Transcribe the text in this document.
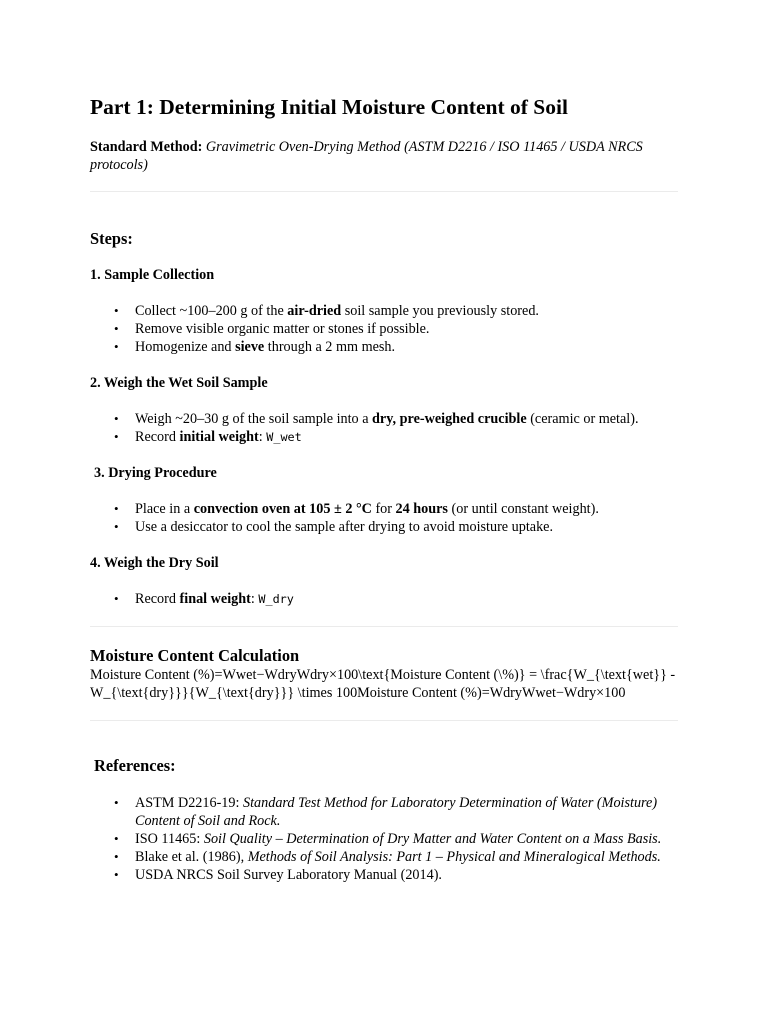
Part 1: Determining Initial Moisture Content of Soil

Standard Method: Gravimetric Oven-Drying Method (ASTM D2216 / ISO 11465 / USDA NRCS protocols)

Steps:
1. Sample Collection
• Collect ~100–200 g of the air-dried soil sample you previously stored.
• Remove visible organic matter or stones if possible.
• Homogenize and sieve through a 2 mm mesh.
2. Weigh the Wet Soil Sample
• Weigh ~20–30 g of the soil sample into a dry, pre-weighed crucible (ceramic or metal).
• Record initial weight: W_wet
3. Drying Procedure
• Place in a convection oven at 105 ± 2 °C for 24 hours (or until constant weight).
• Use a desiccator to cool the sample after drying to avoid moisture uptake.
4. Weigh the Dry Soil
• Record final weight: W_dry
Moisture Content Calculation

Moisture Content (%)=Wwet−WdryWdry×100\text{Moisture Content (\%)} = \frac{W_{\text{wet}} - W_{\text{dry}}}{W_{\text{dry}}} \times 100Moisture Content (%)=WdryWwet−Wdry×100

References:
• ASTM D2216-19: Standard Test Method for Laboratory Determination of Water (Moisture) Content of Soil and Rock.
• ISO 11465: Soil Quality – Determination of Dry Matter and Water Content on a Mass Basis.
• Blake et al. (1986), Methods of Soil Analysis: Part 1 – Physical and Mineralogical Methods.
• USDA NRCS Soil Survey Laboratory Manual (2014).
